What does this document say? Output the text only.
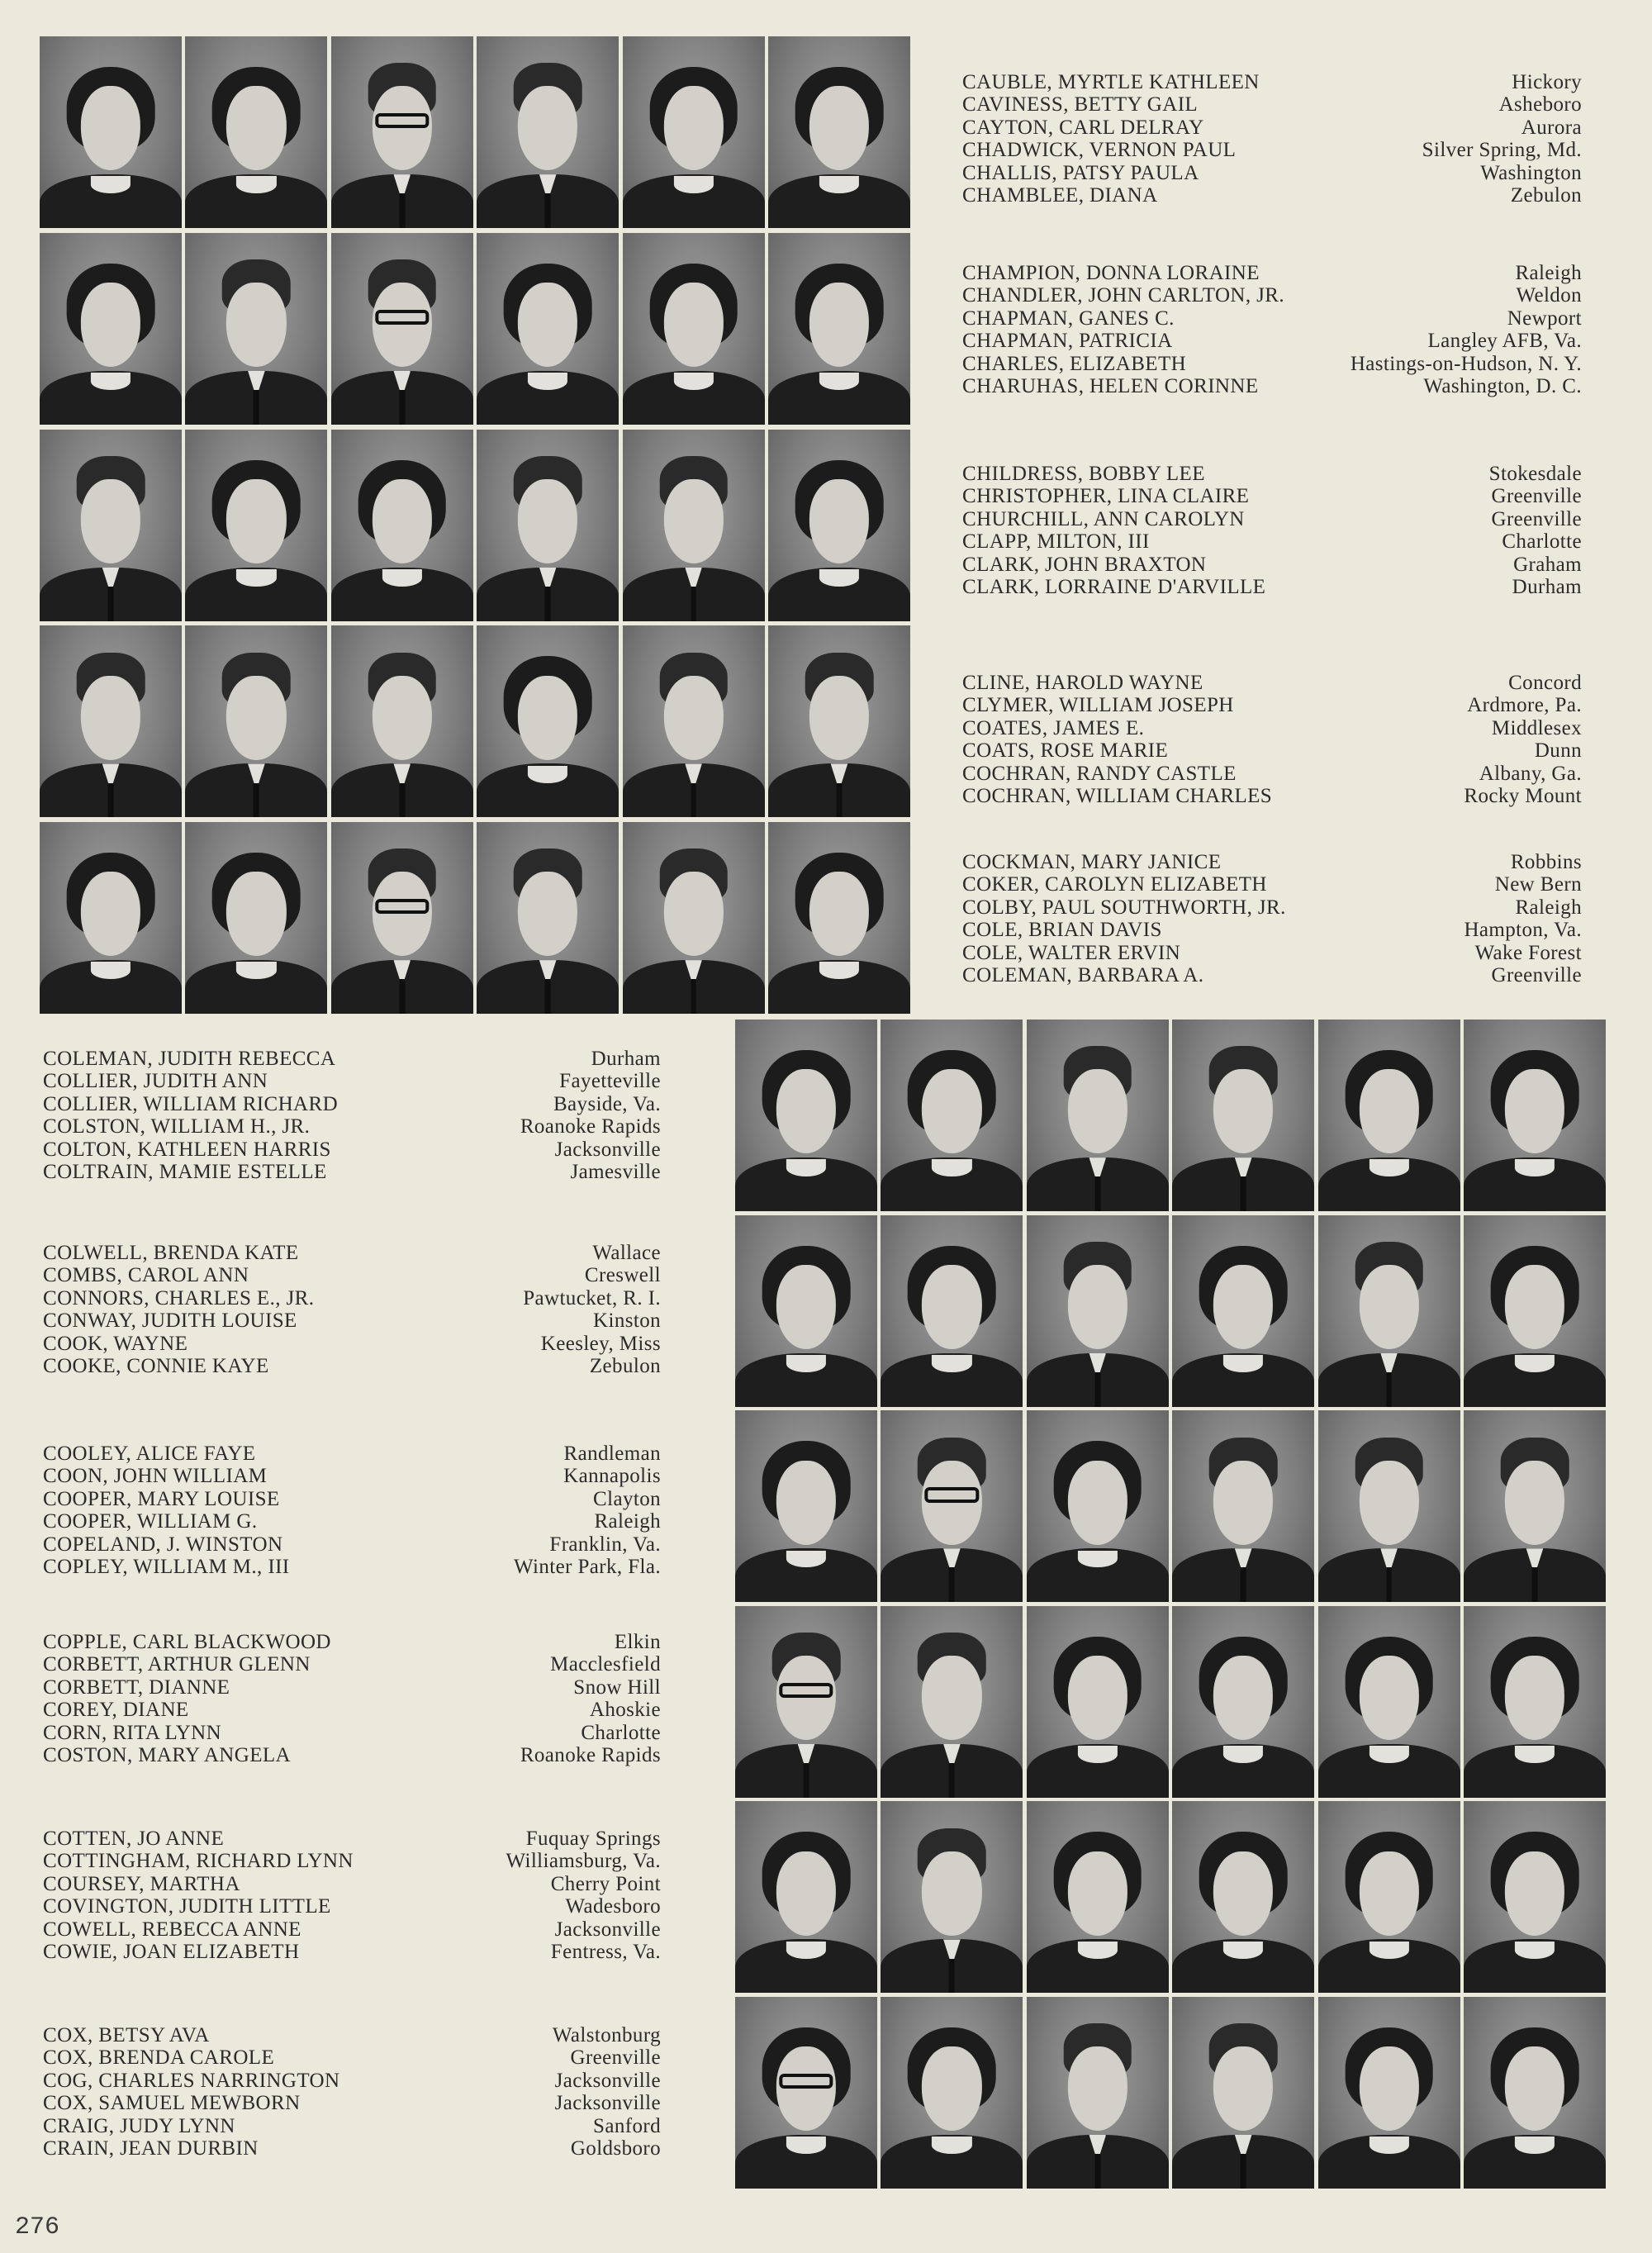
CAUBLE, MYRTLE KATHLEEN	Hickory
CAVINESS, BETTY GAIL	Asheboro
CAYTON, CARL DELRAY	Aurora
CHADWICK, VERNON PAUL	Silver Spring, Md.
CHALLIS, PATSY PAULA	Washington
CHAMBLEE, DIANA	Zebulon
CHAMPION, DONNA LORAINE	Raleigh
CHANDLER, JOHN CARLTON, JR.	Weldon
CHAPMAN, GANES C.	Newport
CHAPMAN, PATRICIA	Langley AFB, Va.
CHARLES, ELIZABETH	Hastings-on-Hudson, N. Y.
CHARUHAS, HELEN CORINNE	Washington, D. C.
CHILDRESS, BOBBY LEE	Stokesdale
CHRISTOPHER, LINA CLAIRE	Greenville
CHURCHILL, ANN CAROLYN	Greenville
CLAPP, MILTON, III	Charlotte
CLARK, JOHN BRAXTON	Graham
CLARK, LORRAINE D'ARVILLE	Durham
CLINE, HAROLD WAYNE	Concord
CLYMER, WILLIAM JOSEPH	Ardmore, Pa.
COATES, JAMES E.	Middlesex
COATS, ROSE MARIE	Dunn
COCHRAN, RANDY CASTLE	Albany, Ga.
COCHRAN, WILLIAM CHARLES	Rocky Mount
COCKMAN, MARY JANICE	Robbins
COKER, CAROLYN ELIZABETH	New Bern
COLBY, PAUL SOUTHWORTH, JR.	Raleigh
COLE, BRIAN DAVIS	Hampton, Va.
COLE, WALTER ERVIN	Wake Forest
COLEMAN, BARBARA A.	Greenville
COLEMAN, JUDITH REBECCA	Durham
COLLIER, JUDITH ANN	Fayetteville
COLLIER, WILLIAM RICHARD	Bayside, Va.
COLSTON, WILLIAM H., JR.	Roanoke Rapids
COLTON, KATHLEEN HARRIS	Jacksonville
COLTRAIN, MAMIE ESTELLE	Jamesville
COLWELL, BRENDA KATE	Wallace
COMBS, CAROL ANN	Creswell
CONNORS, CHARLES E., JR.	Pawtucket, R. I.
CONWAY, JUDITH LOUISE	Kinston
COOK, WAYNE	Keesley, Miss
COOKE, CONNIE KAYE	Zebulon
COOLEY, ALICE FAYE	Randleman
COON, JOHN WILLIAM	Kannapolis
COOPER, MARY LOUISE	Clayton
COOPER, WILLIAM G.	Raleigh
COPELAND, J. WINSTON	Franklin, Va.
COPLEY, WILLIAM M., III	Winter Park, Fla.
COPPLE, CARL BLACKWOOD	Elkin
CORBETT, ARTHUR GLENN	Macclesfield
CORBETT, DIANNE	Snow Hill
COREY, DIANE	Ahoskie
CORN, RITA LYNN	Charlotte
COSTON, MARY ANGELA	Roanoke Rapids
COTTEN, JO ANNE	Fuquay Springs
COTTINGHAM, RICHARD LYNN	Williamsburg, Va.
COURSEY, MARTHA	Cherry Point
COVINGTON, JUDITH LITTLE	Wadesboro
COWELL, REBECCA ANNE	Jacksonville
COWIE, JOAN ELIZABETH	Fentress, Va.
COX, BETSY AVA	Walstonburg
COX, BRENDA CAROLE	Greenville
COG, CHARLES NARRINGTON	Jacksonville
COX, SAMUEL MEWBORN	Jacksonville
CRAIG, JUDY LYNN	Sanford
CRAIN, JEAN DURBIN	Goldsboro
276
